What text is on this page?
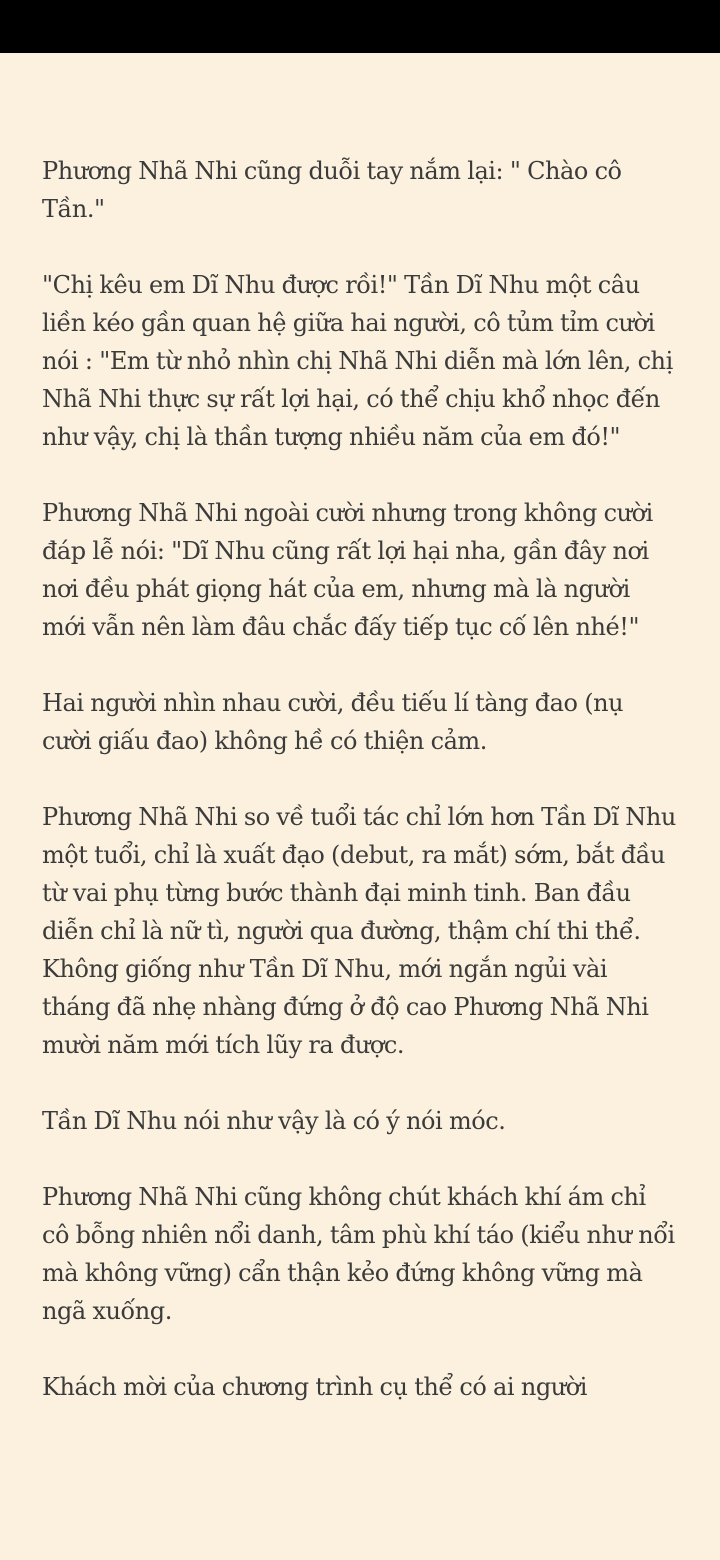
Phương Nhã Nhi cũng duỗi tay nắm lại: " Chào cô Tần."

"Chị kêu em Dĩ Nhu được rồi!" Tần Dĩ Nhu một câu liền kéo gần quan hệ giữa hai người, cô tủm tỉm cười nói : "Em từ nhỏ nhìn chị Nhã Nhi diễn mà lớn lên, chị Nhã Nhi thực sự rất lợi hại, có thể chịu khổ nhọc đến như vậy, chị là thần tượng nhiều năm của em đó!"

Phương Nhã Nhi ngoài cười nhưng trong không cười đáp lễ nói: "Dĩ Nhu cũng rất lợi hại nha, gần đây nơi nơi đều phát giọng hát của em, nhưng mà là người mới vẫn nên làm đâu chắc đấy tiếp tục cố lên nhé!"

Hai người nhìn nhau cười, đều tiếu lí tàng đao (nụ cười giấu đao) không hề có thiện cảm.

Phương Nhã Nhi so về tuổi tác chỉ lớn hơn Tần Dĩ Nhu một tuổi, chỉ là xuất đạo (debut, ra mắt) sớm, bắt đầu từ vai phụ từng bước thành đại minh tinh. Ban đầu diễn chỉ là nữ tì, người qua đường, thậm chí thi thể. Không giống như Tần Dĩ Nhu, mới ngắn ngủi vài tháng đã nhẹ nhàng đứng ở độ cao Phương Nhã Nhi mười năm mới tích lũy ra được.

Tần Dĩ Nhu nói như vậy là có ý nói móc.

Phương Nhã Nhi cũng không chút khách khí ám chỉ cô bỗng nhiên nổi danh, tâm phù khí táo (kiểu như nổi mà không vững) cẩn thận kẻo đứng không vững mà ngã xuống.

Khách mời của chương trình cụ thể có ai người
